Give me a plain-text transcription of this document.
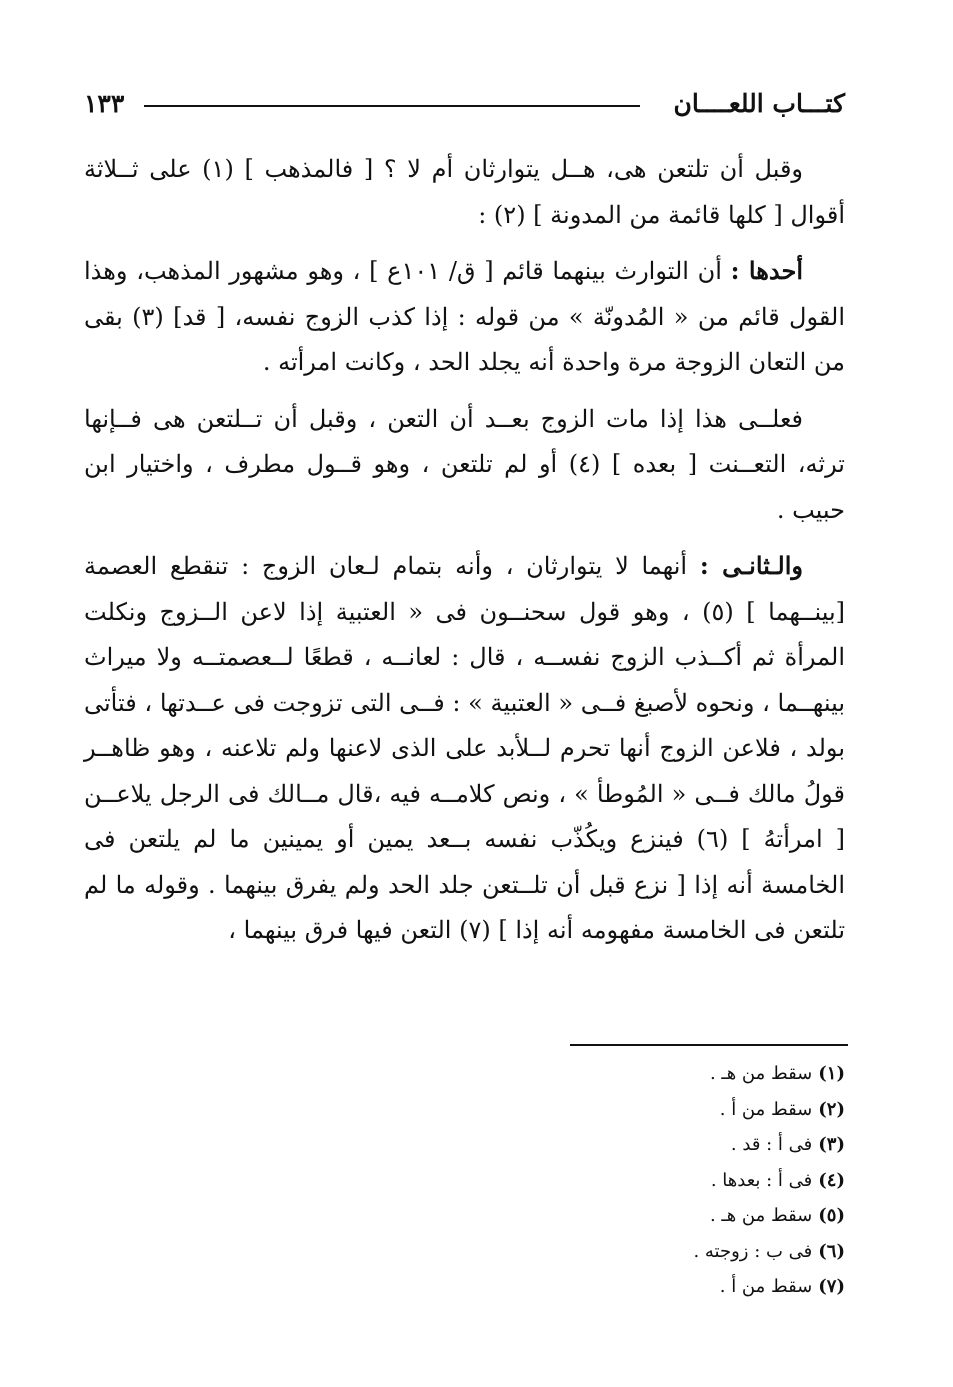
١٣٣	كتـــاب اللعــــان

وقبل أن تلتعن هى، هــل يتوارثان أم لا ؟ [ فالمذهب ] (١) على ثــلاثة أقوال [ كلها قائمة من المدونة ] (٢) :

أحدها : أن التوارث بينهما قائم [ ق/ ١٠١ع ] ، وهو مشهور المذهب، وهذا القول قائم من « المُدونّة » من قوله : إذا كذب الزوج نفسه، [ قد] (٣) بقى من التعان الزوجة مرة واحدة أنه يجلد الحد ، وكانت امرأته .

فعلــى هذا إذا مات الزوج بعــد أن التعن ، وقبل أن تــلتعن هى فــإنها ترثه، التعــنت [ بعده ] (٤) أو لم تلتعن ، وهو قــول مطرف ، واختيار ابن حبيب .

والـثانـى : أنهما لا يتوارثان ، وأنه بتمام لـعان الزوج : تنقطع العصمة [بينــهما ] (٥) ، وهو قول سحنــون فى « العتبية إذا لاعن الــزوج ونكلت المرأة ثم أكــذب الزوج نفســه ، قال : لعانــه ، قطعًا لــعصمتــه ولا ميراث بينهــما ، ونحوه لأصبغ فــى « العتبية » : فــى التى تزوجت فى عــدتها ، فتأتى بولد ، فلاعن الزوج أنها تحرم لــلأبد على الذى لاعنها ولم تلاعنه ، وهو ظاهــر قولُ مالك فــى « المُوطأ » ، ونص كلامــه فيه ،قال مــالك فى الرجل يلاعــن [ امرأتهُ ] (٦) فينزع ويكُذّب نفسه بــعد يمين أو يمينين ما لم يلتعن فى الخامسة أنه إذا [ نزع قبل أن تلــتعن جلد الحد ولم يفرق بينهما . وقوله ما لم تلتعن فى الخامسة مفهومه أنه إذا ] (٧) التعن فيها فرق بينهما ،

(١)سقط من هـ .
(٢)سقط من أ .
(٣)فى أ : قد .
(٤)فى أ : بعدها .
(٥)سقط من هـ .
(٦)فى ب : زوجته .
(٧)سقط من أ .
